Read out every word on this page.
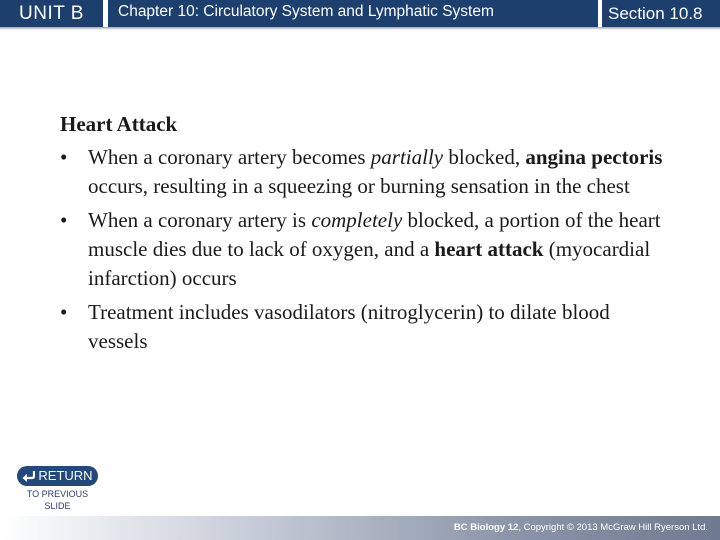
UNIT B	Chapter 10: Circulatory System and Lymphatic System	Section 10.8
Heart Attack
• When a coronary artery becomes partially blocked, angina pectoris occurs, resulting in a squeezing or burning sensation in the chest
• When a coronary artery is completely blocked, a portion of the heart muscle dies due to lack of oxygen, and a heart attack (myocardial infarction) occurs
• Treatment includes vasodilators (nitroglycerin) to dilate blood vessels
RETURN
TO PREVIOUS
SLIDE
BC Biology 12, Copyright © 2013 McGraw Hill Ryerson Ltd.
